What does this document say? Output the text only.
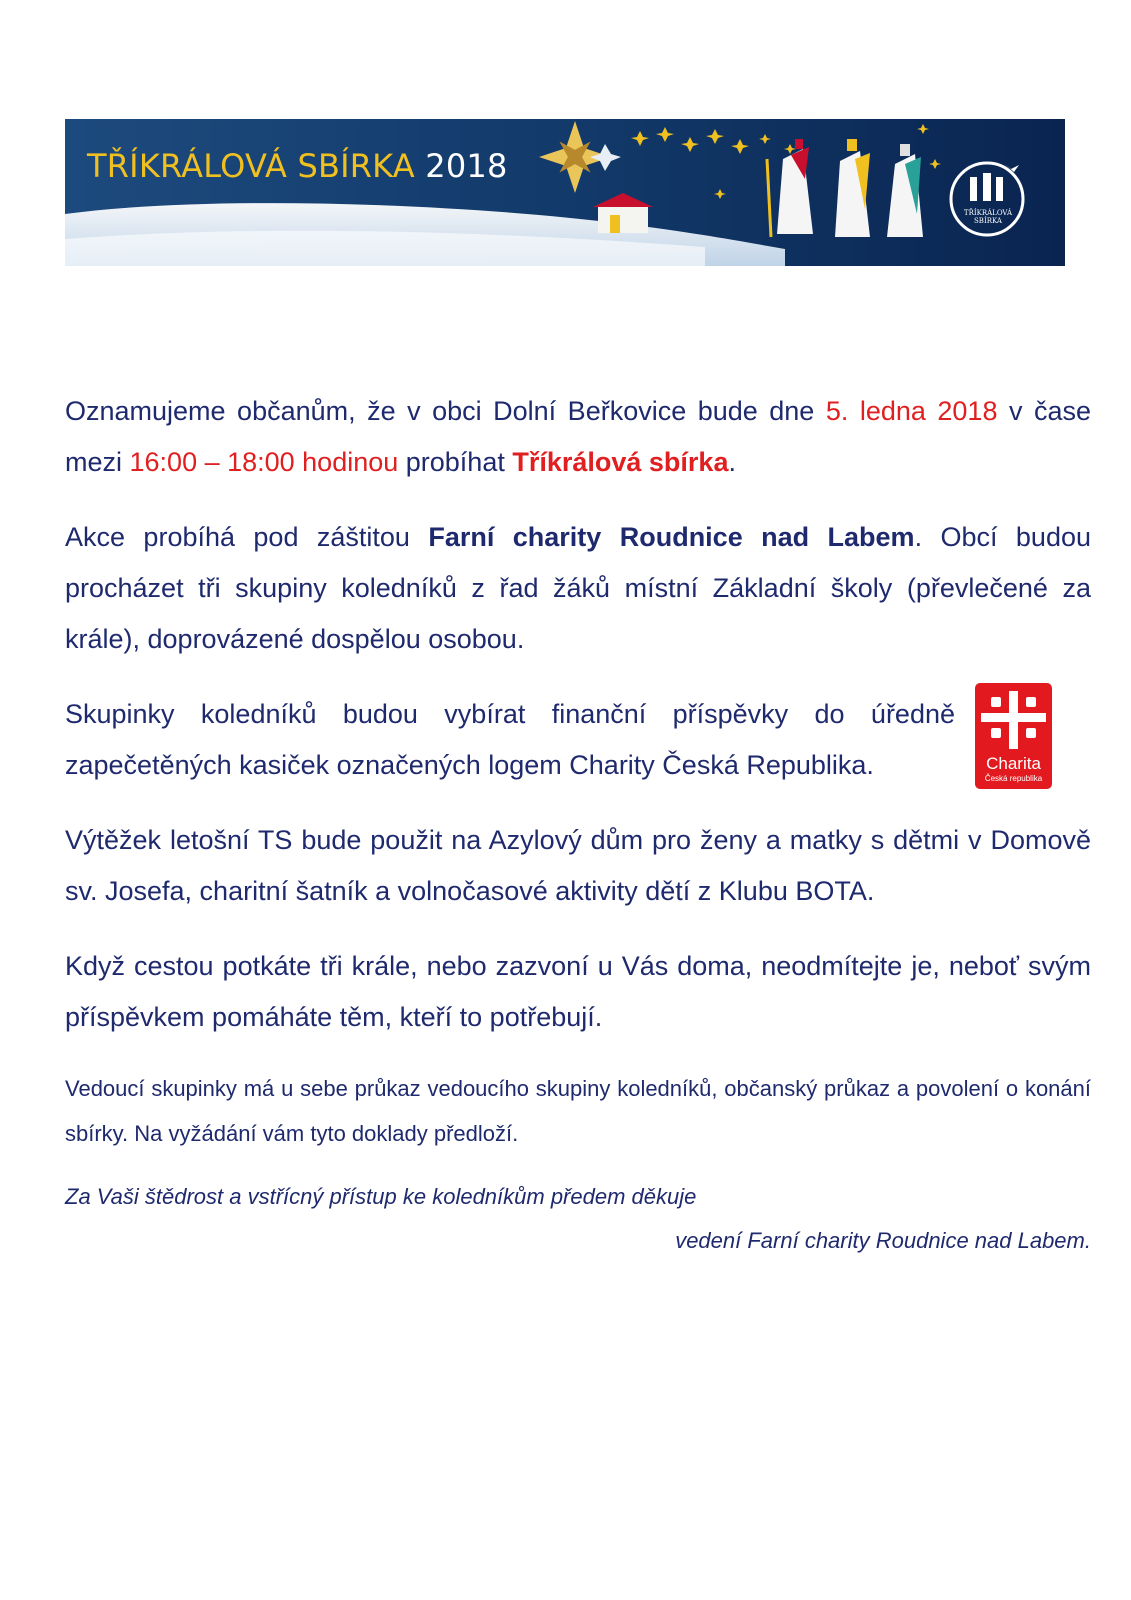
TŘÍKRÁLOVÁ SBÍRKA 2018
TŘÍKRÁLOVÁ
SBÍRKA
Oznamujeme občanům, že v obci Dolní Beřkovice bude dne 5. ledna 2018 v čase mezi 16:00 – 18:00 hodinou probíhat Tříkrálová sbírka.
Akce probíhá pod záštitou Farní charity Roudnice nad Labem. Obcí budou procházet tři skupiny koledníků z řad žáků místní Základní školy (převlečené za krále), doprovázené dospělou osobou.
Skupinky koledníků budou vybírat finanční příspěvky do úředně zapečetěných kasiček označených logem Charity Česká Republika.	Charita
Česká republika
Výtěžek letošní TS bude použit na Azylový dům pro ženy a matky s dětmi v Domově sv. Josefa, charitní šatník a volnočasové aktivity dětí z Klubu BOTA.
Když cestou potkáte tři krále, nebo zazvoní u Vás doma, neodmítejte je, neboť svým příspěvkem pomáháte těm, kteří to potřebují.
Vedoucí skupinky má u sebe průkaz vedoucího skupiny koledníků, občanský průkaz a povolení o konání sbírky. Na vyžádání vám tyto doklady předloží.
Za Vaši štědrost a vstřícný přístup ke koledníkům předem děkuje
vedení Farní charity Roudnice nad Labem.
